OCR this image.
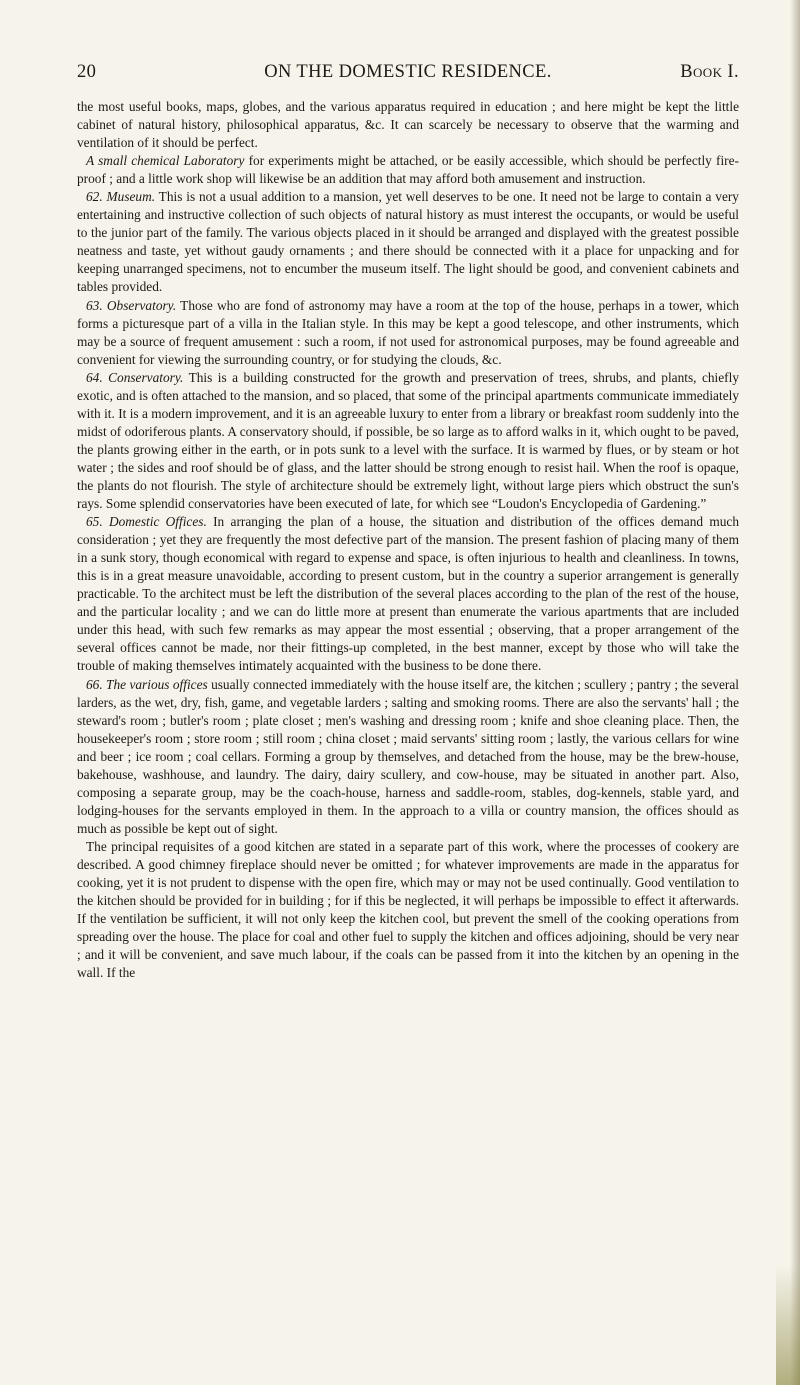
20	ON THE DOMESTIC RESIDENCE.	Book I.

the most useful books, maps, globes, and the various apparatus required in education ; and here might be kept the little cabinet of natural history, philosophical apparatus, &c. It can scarcely be necessary to observe that the warming and ventilation of it should be perfect.

A small chemical Laboratory for experiments might be attached, or be easily accessible, which should be perfectly fire-proof ; and a little work shop will likewise be an addition that may afford both amusement and instruction.

62. Museum. This is not a usual addition to a mansion, yet well deserves to be one. It need not be large to contain a very entertaining and instructive collection of such objects of natural history as must interest the occupants, or would be useful to the junior part of the family. The various objects placed in it should be arranged and displayed with the greatest possible neatness and taste, yet without gaudy ornaments ; and there should be connected with it a place for unpacking and for keeping unarranged specimens, not to encumber the museum itself. The light should be good, and convenient cabinets and tables provided.

63. Observatory. Those who are fond of astronomy may have a room at the top of the house, perhaps in a tower, which forms a picturesque part of a villa in the Italian style. In this may be kept a good telescope, and other instruments, which may be a source of frequent amusement : such a room, if not used for astronomical purposes, may be found agreeable and convenient for viewing the surrounding country, or for studying the clouds, &c.

64. Conservatory. This is a building constructed for the growth and preservation of trees, shrubs, and plants, chiefly exotic, and is often attached to the mansion, and so placed, that some of the principal apartments communicate immediately with it. It is a modern improvement, and it is an agreeable luxury to enter from a library or breakfast room suddenly into the midst of odoriferous plants. A conservatory should, if possible, be so large as to afford walks in it, which ought to be paved, the plants growing either in the earth, or in pots sunk to a level with the surface. It is warmed by flues, or by steam or hot water ; the sides and roof should be of glass, and the latter should be strong enough to resist hail. When the roof is opaque, the plants do not flourish. The style of architecture should be extremely light, without large piers which obstruct the sun's rays. Some splendid conservatories have been executed of late, for which see “Loudon's Encyclopedia of Gardening.”

65. Domestic Offices. In arranging the plan of a house, the situation and distribution of the offices demand much consideration ; yet they are frequently the most defective part of the mansion. The present fashion of placing many of them in a sunk story, though economical with regard to expense and space, is often injurious to health and cleanliness. In towns, this is in a great measure unavoidable, according to present custom, but in the country a superior arrangement is generally practicable. To the architect must be left the distribution of the several places according to the plan of the rest of the house, and the particular locality ; and we can do little more at present than enumerate the various apartments that are included under this head, with such few remarks as may appear the most essential ; observing, that a proper arrangement of the several offices cannot be made, nor their fittings-up completed, in the best manner, except by those who will take the trouble of making themselves intimately acquainted with the business to be done there.

66. The various offices usually connected immediately with the house itself are, the kitchen ; scullery ; pantry ; the several larders, as the wet, dry, fish, game, and vegetable larders ; salting and smoking rooms. There are also the servants' hall ; the steward's room ; butler's room ; plate closet ; men's washing and dressing room ; knife and shoe cleaning place. Then, the housekeeper's room ; store room ; still room ; china closet ; maid servants' sitting room ; lastly, the various cellars for wine and beer ; ice room ; coal cellars. Forming a group by themselves, and detached from the house, may be the brew-house, bakehouse, washhouse, and laundry. The dairy, dairy scullery, and cow-house, may be situated in another part. Also, composing a separate group, may be the coach-house, harness and saddle-room, stables, dog-kennels, stable yard, and lodging-houses for the servants employed in them. In the approach to a villa or country mansion, the offices should as much as possible be kept out of sight.

The principal requisites of a good kitchen are stated in a separate part of this work, where the processes of cookery are described. A good chimney fireplace should never be omitted ; for whatever improvements are made in the apparatus for cooking, yet it is not prudent to dispense with the open fire, which may or may not be used continually. Good ventilation to the kitchen should be provided for in building ; for if this be neglected, it will perhaps be impossible to effect it afterwards. If the ventilation be sufficient, it will not only keep the kitchen cool, but prevent the smell of the cooking operations from spreading over the house. The place for coal and other fuel to supply the kitchen and offices adjoining, should be very near ; and it will be convenient, and save much labour, if the coals can be passed from it into the kitchen by an opening in the wall. If the
